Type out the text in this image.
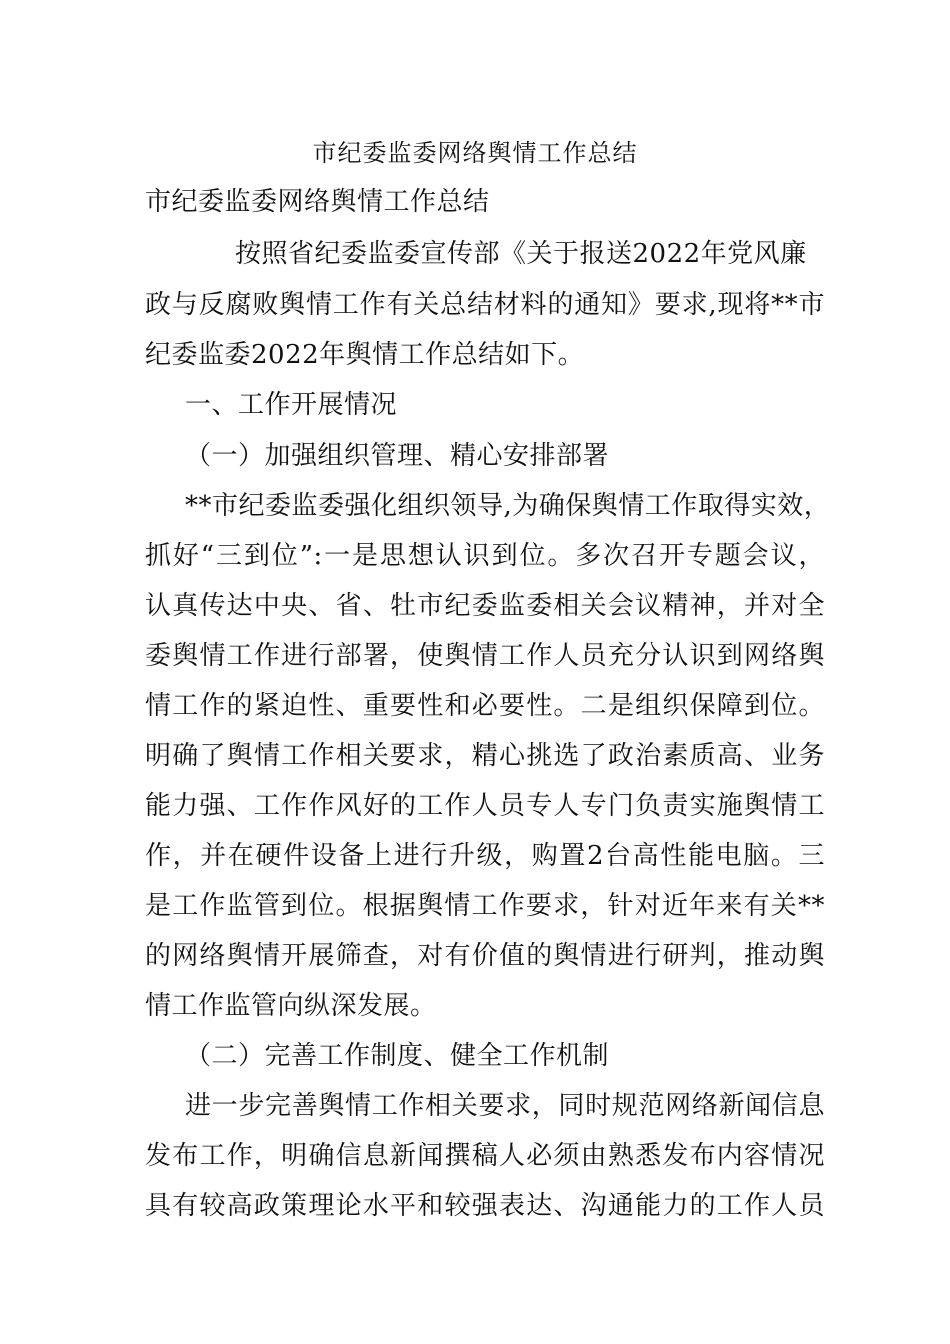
市纪委监委网络舆情工作总结
市纪委监委网络舆情工作总结
按照省纪委监委宣传部《关于报送2022年党风廉
政与反腐败舆情工作有关总结材料的通知》要求,现将**市
纪委监委2022年舆情工作总结如下。
一、工作开展情况
（一）加强组织管理、精心安排部署
**市纪委监委强化组织领导,为确保舆情工作取得实效，
抓好“三到位”:一是思想认识到位。多次召开专题会议，
认真传达中央、省、牡市纪委监委相关会议精神，并对全
委舆情工作进行部署，使舆情工作人员充分认识到网络舆
情工作的紧迫性、重要性和必要性。二是组织保障到位。
明确了舆情工作相关要求，精心挑选了政治素质高、业务
能力强、工作作风好的工作人员专人专门负责实施舆情工
作，并在硬件设备上进行升级，购置2台高性能电脑。三
是工作监管到位。根据舆情工作要求，针对近年来有关**
的网络舆情开展筛查，对有价值的舆情进行研判，推动舆
情工作监管向纵深发展。
（二）完善工作制度、健全工作机制
进一步完善舆情工作相关要求，同时规范网络新闻信息
发布工作，明确信息新闻撰稿人必须由熟悉发布内容情况
具有较高政策理论水平和较强表达、沟通能力的工作人员
